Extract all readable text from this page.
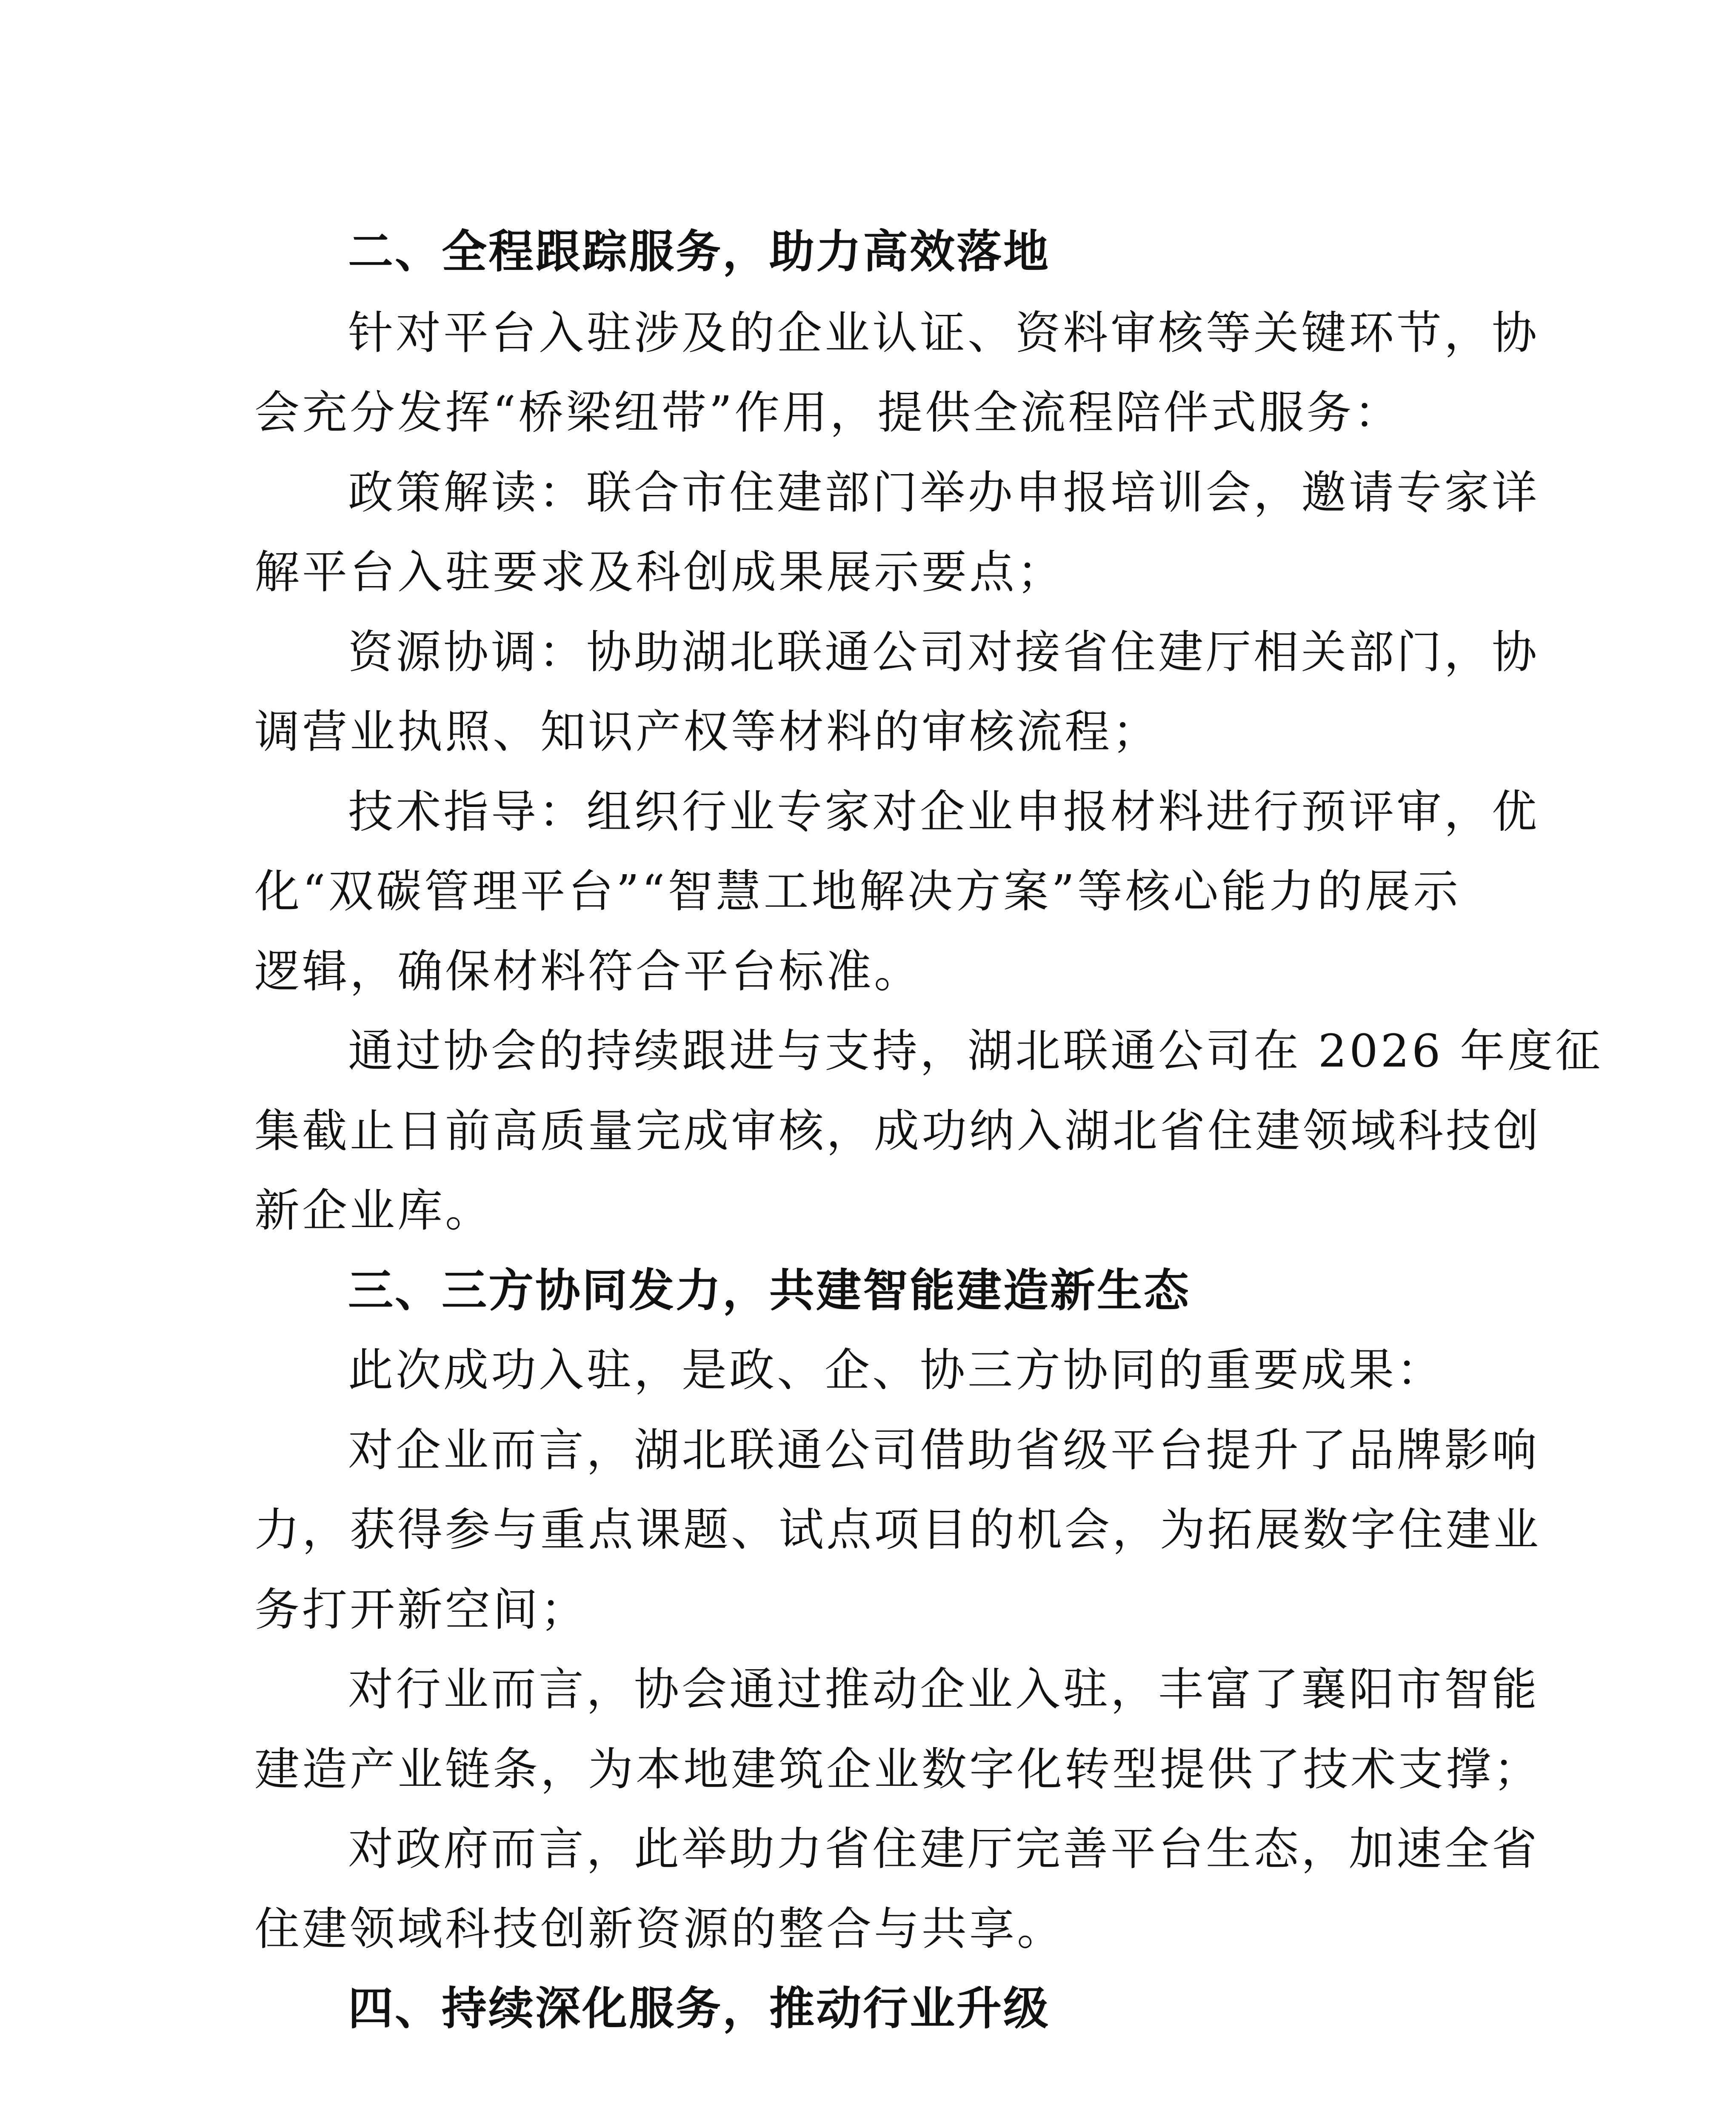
二、全程跟踪服务，助力高效落地
针对平台入驻涉及的企业认证、资料审核等关键环节，协
会充分发挥“桥梁纽带”作用，提供全流程陪伴式服务：
政策解读：联合市住建部门举办申报培训会，邀请专家详
解平台入驻要求及科创成果展示要点；
资源协调：协助湖北联通公司对接省住建厅相关部门，协
调营业执照、知识产权等材料的审核流程；
技术指导：组织行业专家对企业申报材料进行预评审，优
化“双碳管理平台”“智慧工地解决方案”等核心能力的展示
逻辑，确保材料符合平台标准。
通过协会的持续跟进与支持，湖北联通公司在 2026 年度征
集截止日前高质量完成审核，成功纳入湖北省住建领域科技创
新企业库。
三、三方协同发力，共建智能建造新生态
此次成功入驻，是政、企、协三方协同的重要成果：
对企业而言，湖北联通公司借助省级平台提升了品牌影响
力，获得参与重点课题、试点项目的机会，为拓展数字住建业
务打开新空间；
对行业而言，协会通过推动企业入驻，丰富了襄阳市智能
建造产业链条，为本地建筑企业数字化转型提供了技术支撑；
对政府而言，此举助力省住建厅完善平台生态，加速全省
住建领域科技创新资源的整合与共享。
四、持续深化服务，推动行业升级
